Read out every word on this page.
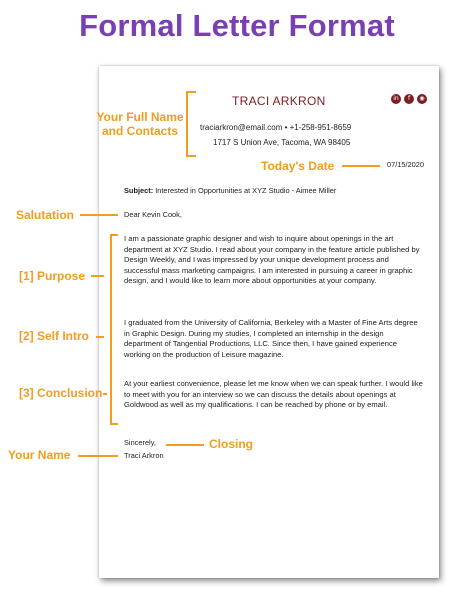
Formal Letter Format
TRACI ARKRON	in	f	◉
traciarkron@email.com • +1-258-951-8659
1717 S Union Ave, Tacoma, WA 98405
07/15/2020
Subject: Interested in Opportunities at XYZ Studio - Aimee Miller
Dear Kevin Cook,
I am a passionate graphic designer and wish to inquire about openings in the art department at XYZ Studio. I read about your company in the feature article published by Design Weekly, and I was impressed by your unique development process and successful mass marketing campaigns. I am interested in pursuing a career in graphic design, and I would like to learn more about opportunities at your company.
I graduated from the University of California, Berkeley with a Master of Fine Arts degree in Graphic Design. During my studies, I completed an internship in the design department of Tangential Productions, LLC. Since then, I have gained experience working on the production of Leisure magazine.
At your earliest convenience, please let me know when we can speak further. I would like to meet with you for an interview so we can discuss the details about openings at Goldwood as well as my qualifications. I can be reached by phone or by email.
Sincerely,
Traci Arkron
Your Full Name
and Contacts
Today's Date
Salutation
[1] Purpose
[2] Self Intro
[3] Conclusion
Closing
Your Name
